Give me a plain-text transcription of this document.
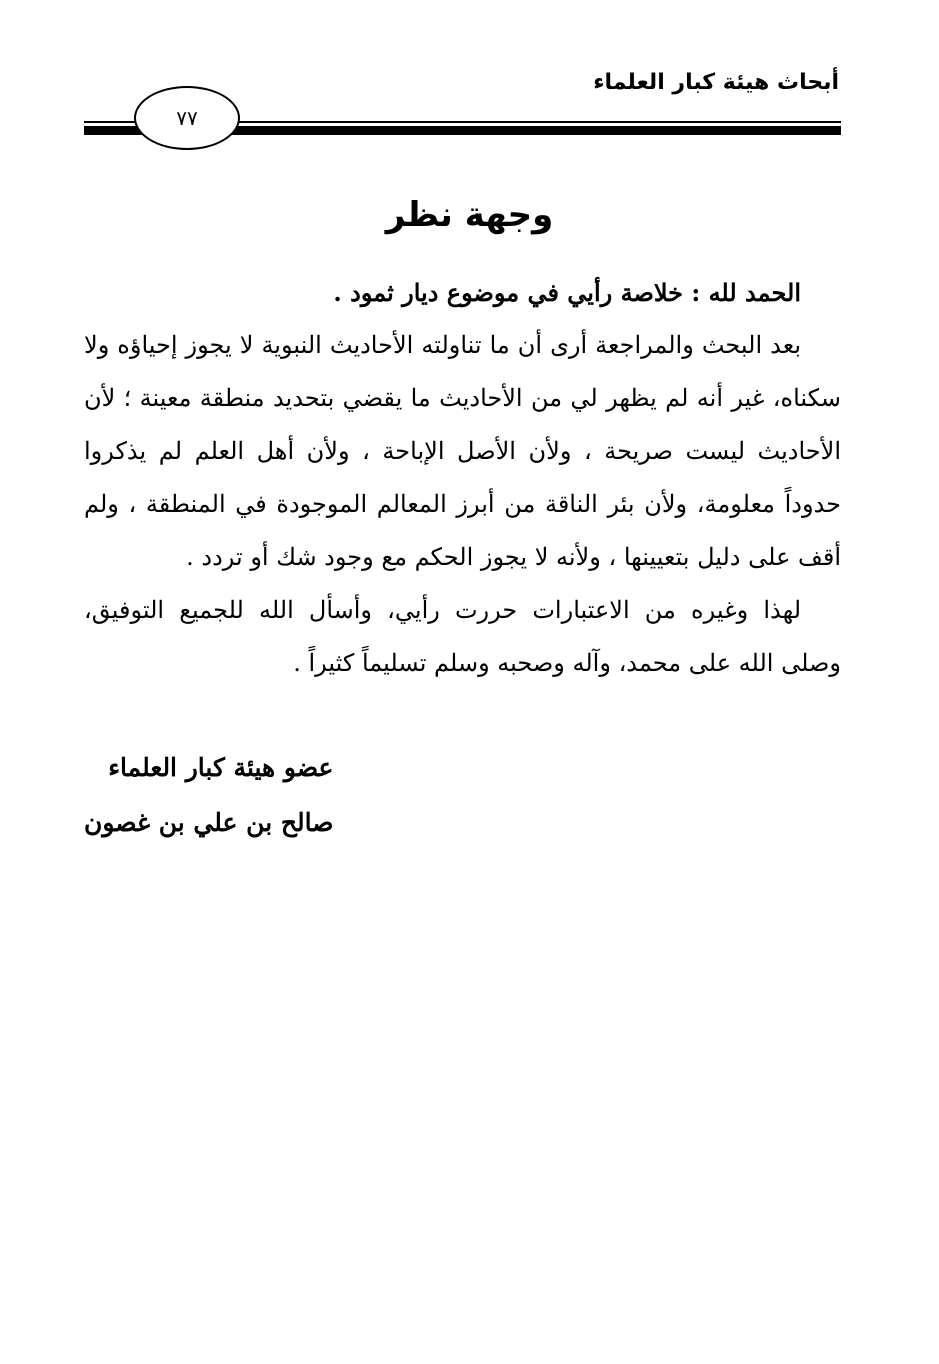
أبحاث هيئة كبار العلماء
٧٧
وجهة نظر

الحمد لله : خلاصة رأيي في موضوع ديار ثمود .

بعد البحث والمراجعة أرى أن ما تناولته الأحاديث النبوية لا يجوز إحياؤه ولا سكناه، غير أنه لم يظهر لي من الأحاديث ما يقضي بتحديد منطقة معينة ؛ لأن الأحاديث ليست صريحة ، ولأن الأصل الإباحة ، ولأن أهل العلم لم يذكروا حدوداً معلومة، ولأن بئر الناقة من أبرز المعالم الموجودة في المنطقة ، ولم أقف على دليل بتعيينها ، ولأنه لا يجوز الحكم مع وجود شك أو تردد .

لهذا وغيره من الاعتبارات حررت رأيي، وأسأل الله للجميع التوفيق، وصلى الله على محمد، وآله وصحبه وسلم تسليماً كثيراً .

عضو هيئة كبار العلماء
صالح بن علي بن غصون
